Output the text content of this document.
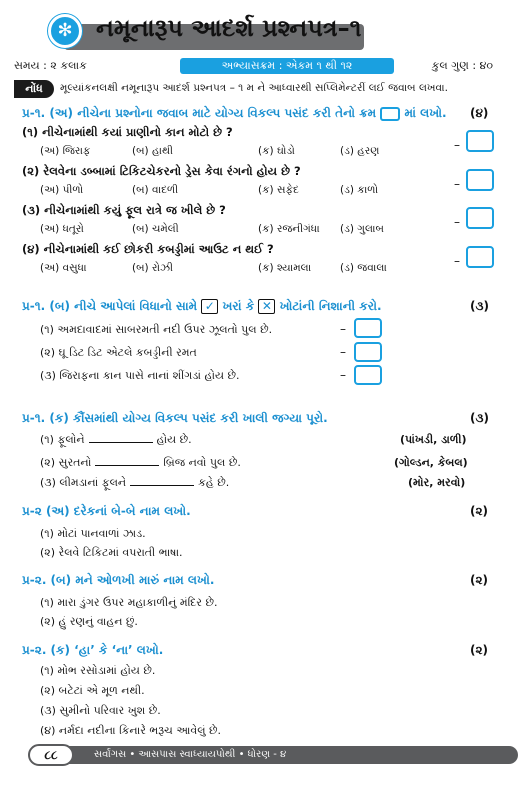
✻ નમૂનારૂપ આદર્શ પ્રશ્નપત્ર–૧
સમય : ૨ કલાક	અભ્યાસક્રમ : એકમ ૧ થી ૧૨	કુલ ગુણ : ૪૦
નોંધ	મૂલ્યાંકનલક્ષી નમૂનારૂપ આદર્શ પ્રશ્નપત્ર – ૧ મ ને આધ્વારથી સપ્લિમેન્ટરીં લઈ જવાબ લખવા.
પ્ર-૧. (અ) નીચેના પ્રશ્નોના જવાબ માટે યોગ્ય વિકલ્પ પસંદ કરી તેનો ક્રમ માં લખો. (૪)
(૧) નીચેનામાંથી કયાં પ્રાણીનો કાન મોટો છે ?
(અ) જિરાફ	(બ) હાથી	(ક) ઘોડો	(ડ) હરણ	–
(૨) રેલવેના ડબ્બામાં ટિકિટચેકરનો ડ્રેસ કેવા રંગનો હોય છે ?
(અ) પીળો	(બ) વાદળી	(ક) સફેદ	(ડ) કાળો	–
(૩) નીચેનામાંથી કયું ફૂલ રાત્રે જ ખીલે છે ?
(અ) ધતૂરો	(બ) ચમેલી	(ક) રજનીગંધા (ડ) ગુલાબ	–
(૪) નીચેનામાંથી કઈ છોકરી કબડ્ડીમાં આઉટ ન થઈ ?
(અ) વસુધા	(બ) રોઝી	(ક) શ્યામલા	(ડ) જવાલા	–
પ્ર-૧. (બ) નીચે આપેલાં વિધાનો સામે ✓ ખરાં કે ✕ ખોટાંની નિશાની કરો.	(૩)
(૧) અમદાવાદમાં સાબરમતી નદી ઉપર ઝૂલતો પુલ છે.	–
(૨) ઘૂ ડિટ ડિટ એટલે કબડ્ડીની રમત	–
(૩) જિરાફના કાન પાસે નાનાં શીંગડાં હોય છે.	–
પ્ર-૧. (ક) કૌંસમાંથી યોગ્ય વિકલ્પ પસંદ કરી ખાલી જગ્યા પૂરો.	(૩)
(૧) ફૂલોને	હોય છે.	(પાંખડી, ડાળી)
(૨) સુરતનો	બ્રિજ નવો પુલ છે.	(ગોલ્ડન, કેબલ)
(૩) લીમડાનાં ફૂલને	કહે છે.	(મોર, મરવો)
પ્ર-૨ (અ) દરેકનાં બે-બે નામ લખો.	(૨)
(૧) મોટાં પાનવાળાં ઝાડ.
(૨) રેલવે ટિકિટમાં વપરાતી ભાષા.
પ્ર-૨. (બ) મને ઓળખી મારું નામ લખો.	(૨)
(૧) મારા ડુંગર ઉપર મહાકાળીનું મંદિર છે.
(૨) હું રણનું વાહન છું.
પ્ર-૨. (ક) ‘હા’ કે ‘ના’ લખો.	(૨)
(૧) મોભ રસોડામાં હોય છે.
(૨) બટેટાં એ મૂળ નથી.
(૩) સુમીનો પરિવાર ખુશ છે.
(૪) નર્મદા નદીના કિનારે ભરૂચ આવેલું છે.
સર્વાંગસ • આસપાસ સ્વાધ્યાયપોથી • ધોરણ - ૪
૮૮
